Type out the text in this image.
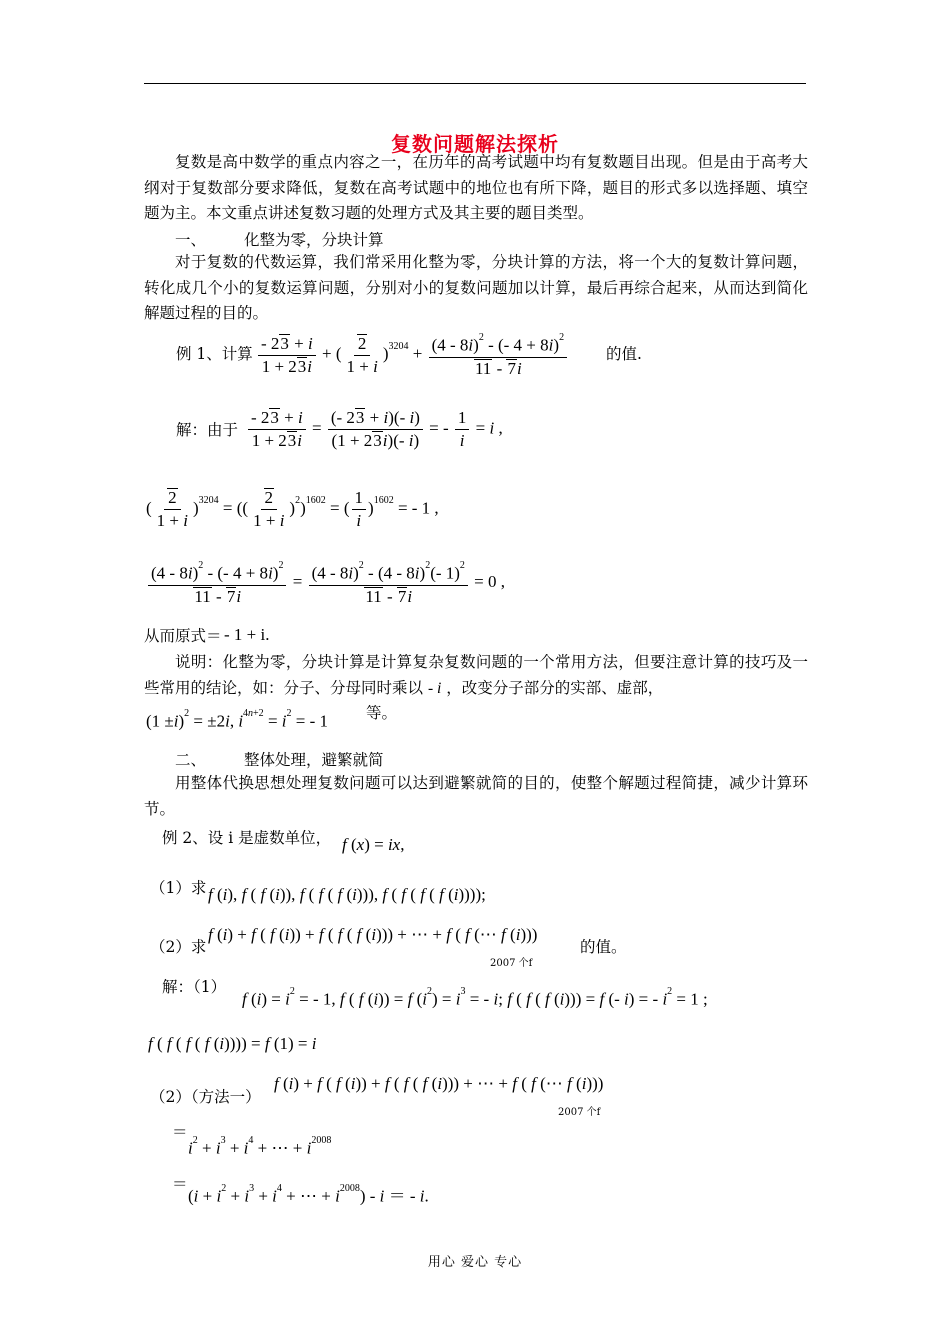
复数问题解法探析
复数是高中数学的重点内容之一，在历年的高考试题中均有复数题目出现。但是由于高考大纲对于复数部分要求降低，复数在高考试题中的地位也有所下降，题目的形式多以选择题、填空题为主。本文重点讲述复数习题的处理方式及其主要的题目类型。
一、 化整为零，分块计算
对于复数的代数运算，我们常采用化整为零，分块计算的方法，将一个大的复数计算问题，转化成几个小的复数运算问题，分别对小的复数问题加以计算，最后再综合起来，从而达到简化解题过程的目的。
例 1、计算 $\frac{- 23 + i}{1 + 23i}$ + ( $\frac{2}{1 + i} )^{3204} + \frac{(4 - 8i)^2 - (- 4 + 8i)^2}{11 - 7i}$	的值.
解：由于 $\frac{- 23 + i}{1 + 23i} = \frac{(- 23 + i)(- i)}{(1 + 23i)(- i)}$ = - $\frac{1}{i} = i$ ,
( $\frac{2}{1 + i} )^{3204}$ = (( $\frac{2}{1 + i} )^2)^{1602}$ = ( $\frac{1}{i} )^{1602}$ = - 1 ,
$\frac{(4 - 8i)^2 - (- 4 + 8i)^2}{11 - 7i} = \frac{(4 - 8i)^2 - (4 - 8i)^2(- 1)^2}{11 - 7i} = 0$ ,
从而原式＝ - 1 + i.
说明：化整为零，分块计算是计算复杂复数问题的一个常用方法，但要注意计算的技巧及一些常用的结论，如：分子、分母同时乘以 - i ，改变分子部分的实部、虚部，
$(1 \pm i)^2 = \pm 2i$, $i^{4n+2} = i^2$ = - 1 等。
二、 整体处理，避繁就简
用整体代换思想处理复数问题可以达到避繁就简的目的，使整个解题过程简捷，减少计算环节。
例 2、设 i 是虚数单位， f (x) = ix,
（1）求 f (i), f ( f (i)), f ( f ( f (i))), f ( f ( f ( f (i))));
（2）求
f (i) + f ( f (i)) + f ( f ( f (i))) + ⋯ + f ( f (⋯ f (i)))
2007 个f
的值。
解：（1）
f $(i) = i^2$ = - 1, f ( f (i)) = f $(i^2) = i^3$ = - i; f ( f ( f (i))) = f (- i) = - $i^2 = 1$ ;
f ( f ( f ( f (i)))) = f (1) = i
（2）（方法一）
f (i) + f ( f (i)) + f ( f ( f (i))) + ⋯ + f ( f (⋯ f (i)))
2007 个f
＝
$i^2 + i^3 + i^4$ + ⋯ + $i^{2008}$
＝
($i + i^2 + i^3 + i^4$ + ⋯ + $i^{2008}$) - i ＝ - i.
用心 爱心 专心
